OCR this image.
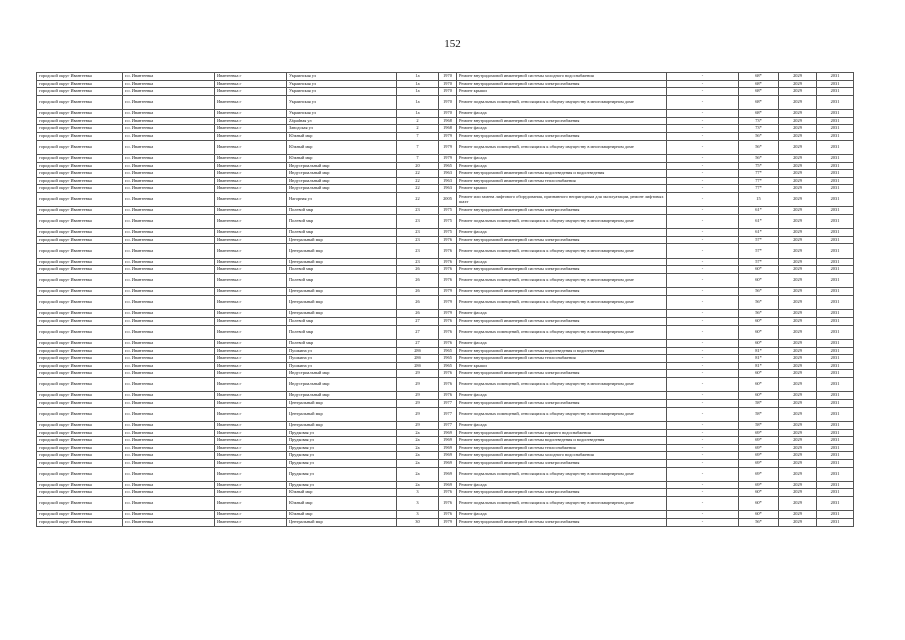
152
городской округ Ивантеевка	г.о. Ивантеевка	Ивантеевка г	Украинская ул	1а	1970	Ремонт внутридомовой инженерной системы холодного водоснабжения	-	68*	2029	2031
городской округ Ивантеевка	г.о. Ивантеевка	Ивантеевка г	Украинская ул	1а	1970	Ремонт внутридомовой инженерной системы электроснабжения	-	68*	2029	2031
городской округ Ивантеевка	г.о. Ивантеевка	Ивантеевка г	Украинская ул	1а	1970	Ремонт крыши	-	68*	2029	2031
городской округ Ивантеевка	г.о. Ивантеевка	Ивантеевка г	Украинская ул	1а	1970	Ремонт подвальных помещений, относящихся к общему имуществу в многоквартирном доме	-	68*	2029	2031
городской округ Ивантеевка	г.о. Ивантеевка	Ивантеевка г	Украинская ул	1а	1970	Ремонт фасада	-	68*	2029	2031
городской округ Ивантеевка	г.о. Ивантеевка	Ивантеевка г	Západная ул	2	1968	Ремонт внутридомовой инженерной системы электроснабжения	-	73*	2029	2031
городской округ Ивантеевка	г.о. Ивантеевка	Ивантеевка г	Заводская ул	2	1968	Ремонт фасада	-	73*	2029	2031
городской округ Ивантеевка	г.о. Ивантеевка	Ивантеевка г	Южный мкр	7	1979	Ремонт внутридомовой инженерной системы электроснабжения	-	56*	2029	2031
городской округ Ивантеевка	г.о. Ивантеевка	Ивантеевка г	Южный мкр	7	1979	Ремонт подвальных помещений, относящихся к общему имуществу в многоквартирном доме	-	56*	2029	2031
городской округ Ивантеевка	г.о. Ивантеевка	Ивантеевка г	Южный мкр	7	1979	Ремонт фасада	-	56*	2029	2031
городской округ Ивантеевка	г.о. Ивантеевка	Ивантеевка г	Индустриальный мкр	20	1965	Ремонт фасада	-	75*	2029	2031
городской округ Ивантеевка	г.о. Ивантеевка	Ивантеевка г	Индустриальный мкр	22	1963	Ремонт внутридомовой инженерной системы водоотведения и водоотведения	-	77*	2029	2031
городской округ Ивантеевка	г.о. Ивантеевка	Ивантеевка г	Индустриальный мкр	22	1963	Ремонт внутридомовой инженерной системы теплоснабжения	-	77*	2029	2031
городской округ Ивантеевка	г.о. Ивантеевка	Ивантеевка г	Индустриальный мкр	22	1963	Ремонт крыши	-	77*	2029	2031
городской округ Ивантеевка	г.о. Ивантеевка	Ивантеевка г	Нагорная ул	22	2005	Ремонт или замена лифтового оборудования, признанного непригодным для эксплуатации, ремонт лифтовых шахт	-	15	2029	2031
городской округ Ивантеевка	г.о. Ивантеевка	Ивантеевка г	Полевой мкр	23	1975	Ремонт внутридомовой инженерной системы электроснабжения	-	61*	2029	2031
городской округ Ивантеевка	г.о. Ивантеевка	Ивантеевка г	Полевой мкр	23	1975	Ремонт подвальных помещений, относящихся к общему имуществу в многоквартирном доме	-	61*	2029	2031
городской округ Ивантеевка	г.о. Ивантеевка	Ивантеевка г	Полевой мкр	23	1975	Ремонт фасада	-	61*	2029	2031
городской округ Ивантеевка	г.о. Ивантеевка	Ивантеевка г	Центральный мкр	23	1976	Ремонт внутридомовой инженерной системы электроснабжения	-	57*	2029	2031
городской округ Ивантеевка	г.о. Ивантеевка	Ивантеевка г	Центральный мкр	23	1976	Ремонт подвальных помещений, относящихся к общему имуществу в многоквартирном доме	-	57*	2029	2031
городской округ Ивантеевка	г.о. Ивантеевка	Ивантеевка г	Центральный мкр	23	1976	Ремонт фасада	-	57*	2029	2031
городской округ Ивантеевка	г.о. Ивантеевка	Ивантеевка г	Полевой мкр	26	1976	Ремонт внутридомовой инженерной системы электроснабжения	-	60*	2029	2031
городской округ Ивантеевка	г.о. Ивантеевка	Ивантеевка г	Полевой мкр	26	1976	Ремонт подвальных помещений, относящихся к общему имуществу в многоквартирном доме	-	60*	2029	2031
городской округ Ивантеевка	г.о. Ивантеевка	Ивантеевка г	Центральный мкр	26	1979	Ремонт внутридомовой инженерной системы электроснабжения	-	56*	2029	2031
городской округ Ивантеевка	г.о. Ивантеевка	Ивантеевка г	Центральный мкр	26	1979	Ремонт подвальных помещений, относящихся к общему имуществу в многоквартирном доме	-	56*	2029	2031
городской округ Ивантеевка	г.о. Ивантеевка	Ивантеевка г	Центральный мкр	26	1979	Ремонт фасада	-	56*	2029	2031
городской округ Ивантеевка	г.о. Ивантеевка	Ивантеевка г	Полевой мкр	27	1976	Ремонт внутридомовой инженерной системы электроснабжения	-	60*	2029	2031
городской округ Ивантеевка	г.о. Ивантеевка	Ивантеевка г	Полевой мкр	27	1976	Ремонт подвальных помещений, относящихся к общему имуществу в многоквартирном доме	-	60*	2029	2031
городской округ Ивантеевка	г.о. Ивантеевка	Ивантеевка г	Полевой мкр	27	1976	Ремонт фасада	-	60*	2029	2031
городской округ Ивантеевка	г.о. Ивантеевка	Ивантеевка г	Пушкина ул	28б	1965	Ремонт внутридомовой инженерной системы водоотведения и водоотведения	-	81*	2029	2031
городской округ Ивантеевка	г.о. Ивантеевка	Ивантеевка г	Пушкина ул	28б	1965	Ремонт внутридомовой инженерной системы теплоснабжения	-	81*	2029	2031
городской округ Ивантеевка	г.о. Ивантеевка	Ивантеевка г	Пушкина ул	28б	1965	Ремонт крыши	-	81*	2029	2031
городской округ Ивантеевка	г.о. Ивантеевка	Ивантеевка г	Индустриальный мкр	29	1976	Ремонт внутридомовой инженерной системы электроснабжения	-	60*	2029	2031
городской округ Ивантеевка	г.о. Ивантеевка	Ивантеевка г	Индустриальный мкр	29	1976	Ремонт подвальных помещений, относящихся к общему имуществу в многоквартирном доме	-	60*	2029	2031
городской округ Ивантеевка	г.о. Ивантеевка	Ивантеевка г	Индустриальный мкр	29	1976	Ремонт фасада	-	60*	2029	2031
городской округ Ивантеевка	г.о. Ивантеевка	Ивантеевка г	Центральный мкр	29	1977	Ремонт внутридомовой инженерной системы электроснабжения	-	58*	2029	2031
городской округ Ивантеевка	г.о. Ивантеевка	Ивантеевка г	Центральный мкр	29	1977	Ремонт подвальных помещений, относящихся к общему имуществу в многоквартирном доме	-	58*	2029	2031
городской округ Ивантеевка	г.о. Ивантеевка	Ивантеевка г	Центральный мкр	29	1977	Ремонт фасада	-	58*	2029	2031
городской округ Ивантеевка	г.о. Ивантеевка	Ивантеевка г	Прудковая ул	2а	1969	Ремонт внутридомовой инженерной системы горячего водоснабжения	-	69*	2029	2031
городской округ Ивантеевка	г.о. Ивантеевка	Ивантеевка г	Прудковая ул	2а	1969	Ремонт внутридомовой инженерной системы водоотведения и водоотведения	-	69*	2029	2031
городской округ Ивантеевка	г.о. Ивантеевка	Ивантеевка г	Прудковая ул	2а	1969	Ремонт внутридомовой инженерной системы теплоснабжения	-	69*	2029	2031
городской округ Ивантеевка	г.о. Ивантеевка	Ивантеевка г	Прудковая ул	2а	1969	Ремонт внутридомовой инженерной системы холодного водоснабжения	-	69*	2029	2031
городской округ Ивантеевка	г.о. Ивантеевка	Ивантеевка г	Прудковая ул	2а	1969	Ремонт внутридомовой инженерной системы электроснабжения	-	69*	2029	2031
городской округ Ивантеевка	г.о. Ивантеевка	Ивантеевка г	Прудковая ул	2а	1969	Ремонт подвальных помещений, относящихся к общему имуществу в многоквартирном доме	-	69*	2029	2031
городской округ Ивантеевка	г.о. Ивантеевка	Ивантеевка г	Прудковая ул	2а	1969	Ремонт фасада	-	69*	2029	2031
городской округ Ивантеевка	г.о. Ивантеевка	Ивантеевка г	Южный мкр	3	1976	Ремонт внутридомовой инженерной системы электроснабжения	-	60*	2029	2031
городской округ Ивантеевка	г.о. Ивантеевка	Ивантеевка г	Южный мкр	3	1976	Ремонт подвальных помещений, относящихся к общему имуществу в многоквартирном доме	-	60*	2029	2031
городской округ Ивантеевка	г.о. Ивантеевка	Ивантеевка г	Южный мкр	3	1976	Ремонт фасада	-	60*	2029	2031
городской округ Ивантеевка	г.о. Ивантеевка	Ивантеевка г	Центральный мкр	30	1979	Ремонт внутридомовой инженерной системы электроснабжения	-	56*	2029	2031
